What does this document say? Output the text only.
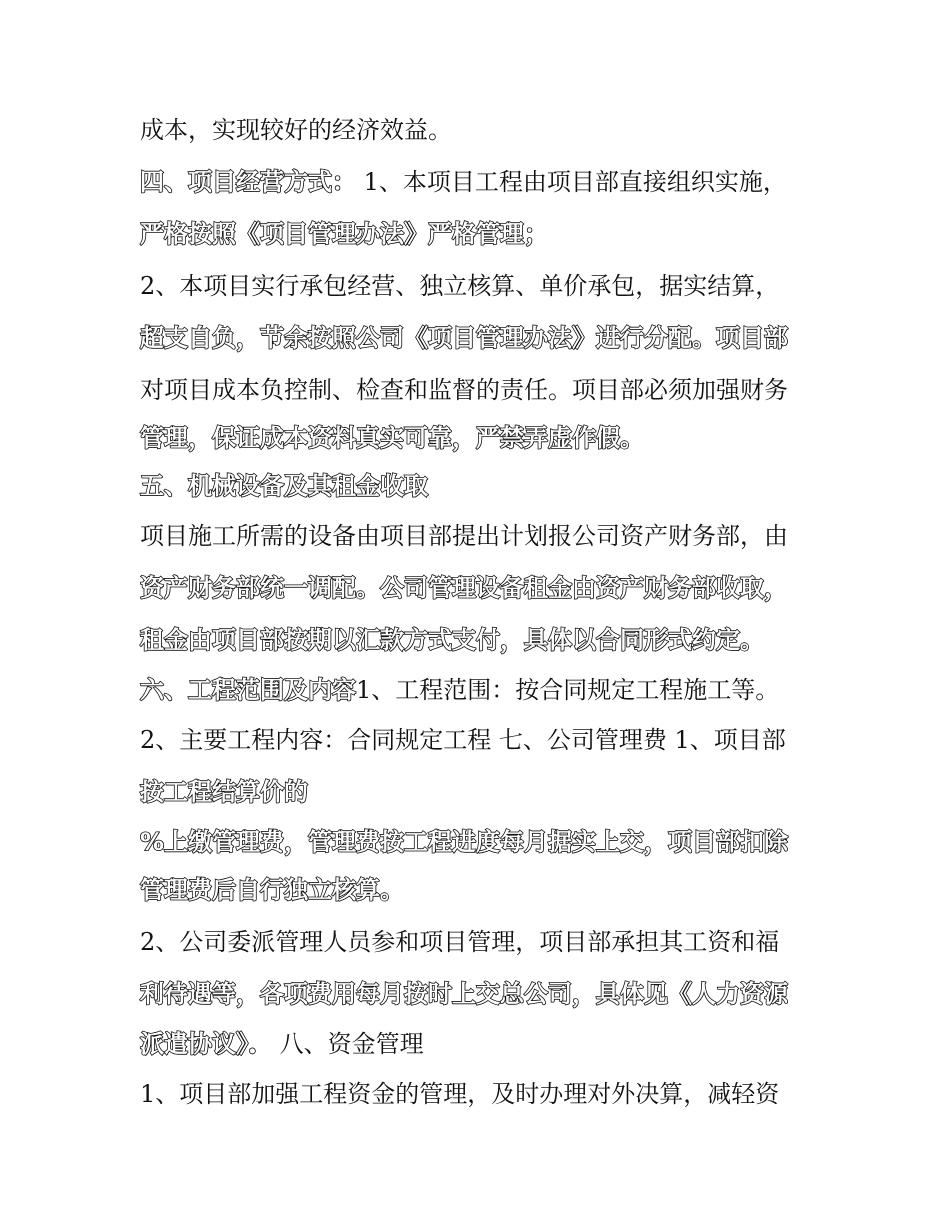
成本，实现较好的经济效益。
四、项目经营方式： 1、本项目工程由项目部直接组织实施，
严格按照《项目管理办法》严格管理；
2、本项目实行承包经营、独立核算、单价承包，据实结算，
超支自负，节余按照公司《项目管理办法》进行分配。项目部
对项目成本负控制、检查和监督的责任。项目部必须加强财务
管理，保证成本资料真实可靠，严禁弄虚作假。
五、机械设备及其租金收取
项目施工所需的设备由项目部提出计划报公司资产财务部，由
资产财务部统一调配。公司管理设备租金由资产财务部收取，
租金由项目部按期以汇款方式支付，具体以合同形式约定。
六、工程范围及内容1、工程范围：按合同规定工程施工等。
2、主要工程内容：合同规定工程 七、公司管理费 1、项目部
按工程结算价的
%上缴管理费，管理费按工程进度每月据实上交，项目部扣除
管理费后自行独立核算。
2、公司委派管理人员参和项目管理，项目部承担其工资和福
利待遇等，各项费用每月按时上交总公司，具体见《人力资源
派遣协议》。 八、资金管理
1、项目部加强工程资金的管理，及时办理对外决算，减轻资
